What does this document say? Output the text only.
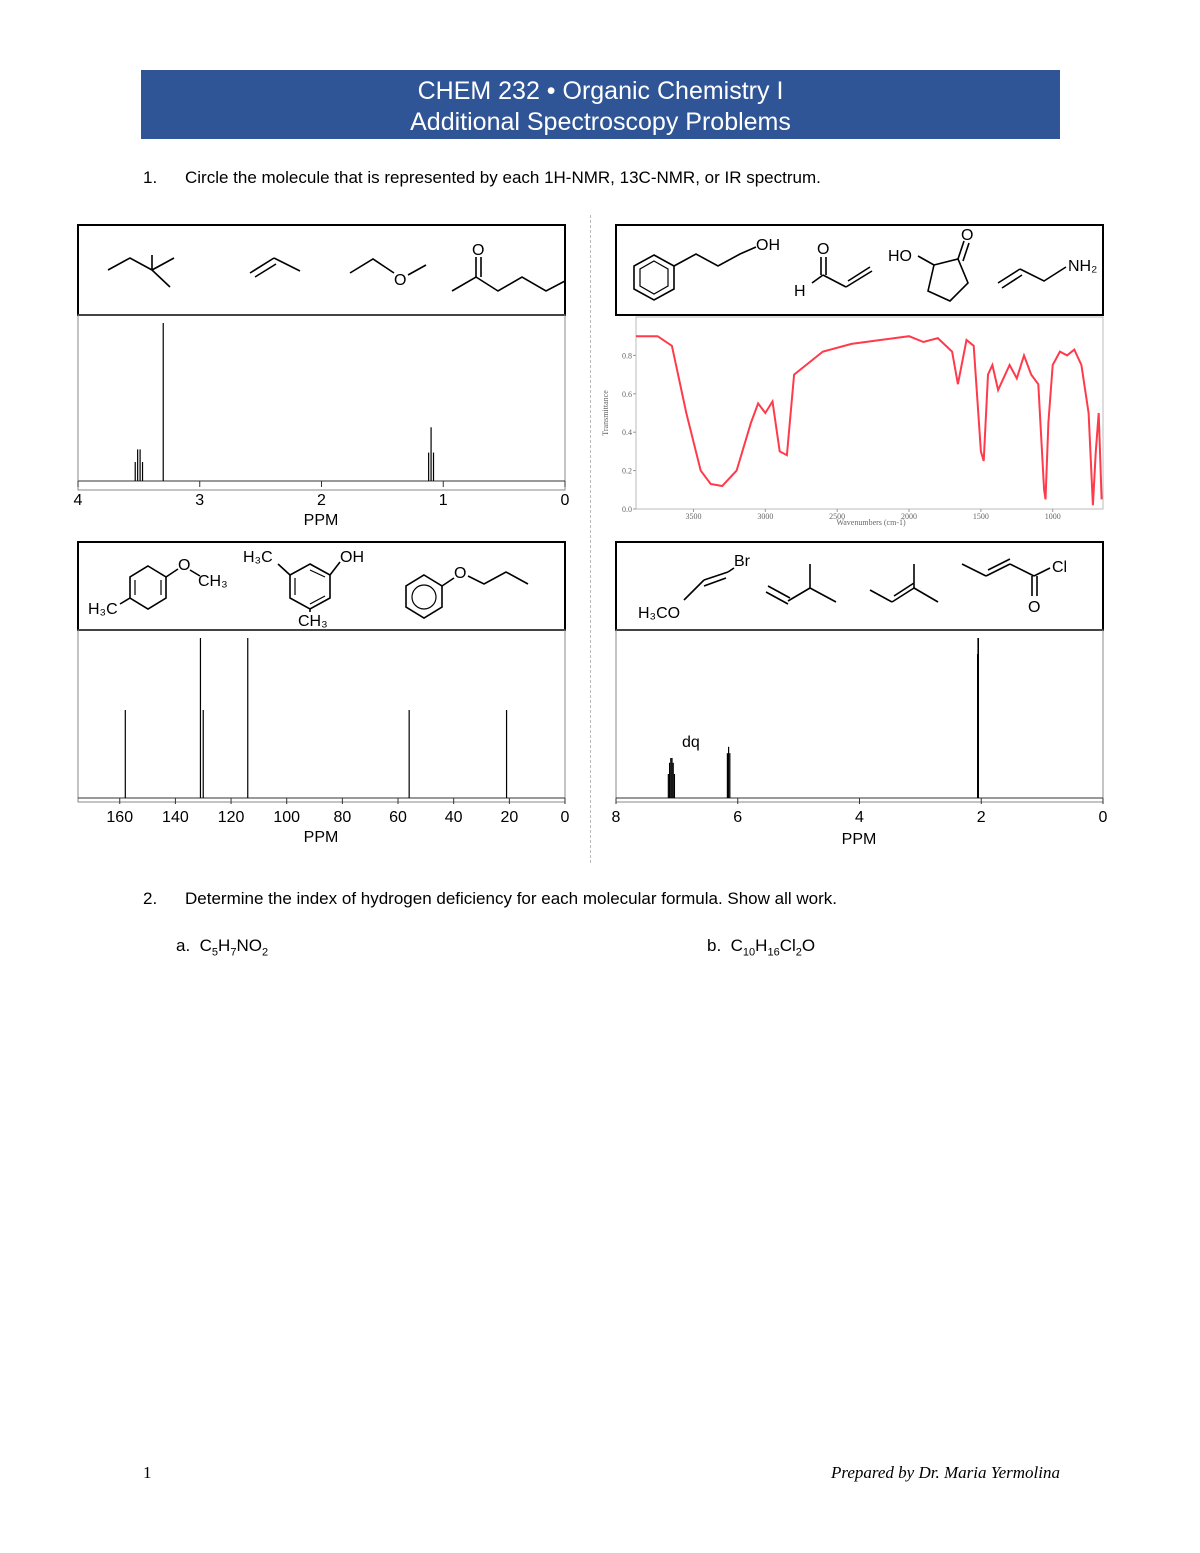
CHEM 232 • Organic Chemistry I
Additional Spectroscopy Problems
1. Circle the molecule that is represented by each 1H-NMR, 13C-NMR, or IR spectrum.
O
O
4	3	2	1	0
PPM
OH O
H
HO
O
NH₂
0.0
0.2
0.4
0.6
0.8
3500	3000	2500	2000	1500	1000
Transmittance
Wavenumbers (cm-1)
O
CH₃
H₃C
H₃C	OH
CH₃
O
160 140 120 100 80 60 40 20	0
PPM
Br
H₃CO
Cl
O
8	6	4	2	0
dq
PPM
2. Determine the index of hydrogen deficiency for each molecular formula. Show all work.
a. $C_5H_7NO_2$	b. $C_{10}H_{16}Cl_2O$
1	Prepared by Dr. Maria Yermolina
